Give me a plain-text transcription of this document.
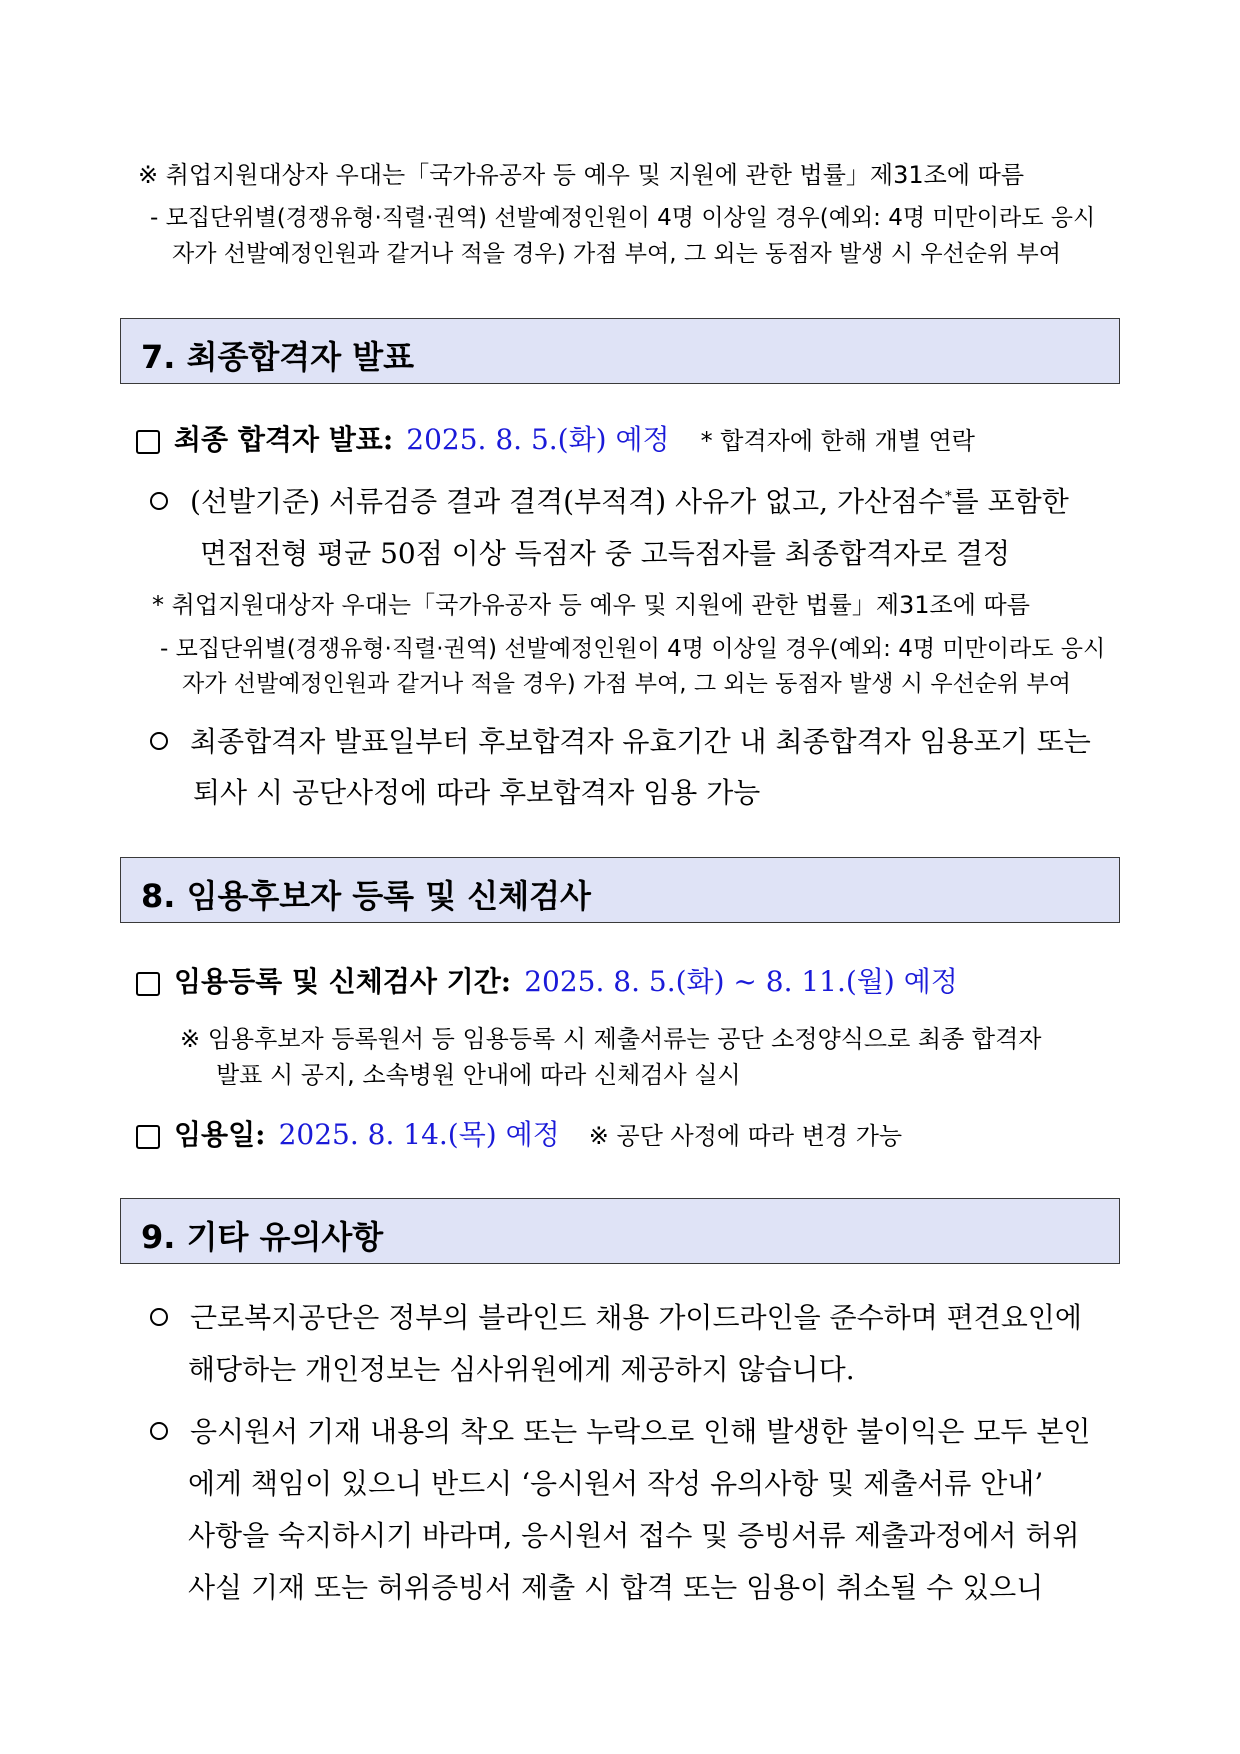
※ 취업지원대상자 우대는「국가유공자 등 예우 및 지원에 관한 법률」제31조에 따름
- 모집단위별(경쟁유형·직렬·권역) 선발예정인원이 4명 이상일 경우(예외: 4명 미만이라도 응시
자가 선발예정인원과 같거나 적을 경우) 가점 부여, 그 외는 동점자 발생 시 우선순위 부여
7. 최종합격자 발표
최종 합격자 발표: 2025. 8. 5.(화) 예정 * 합격자에 한해 개별 연락
(선발기준) 서류검증 결과 결격(부적격) 사유가 없고, 가산점수*를 포함한
면접전형 평균 50점 이상 득점자 중 고득점자를 최종합격자로 결정
* 취업지원대상자 우대는「국가유공자 등 예우 및 지원에 관한 법률」제31조에 따름
- 모집단위별(경쟁유형·직렬·권역) 선발예정인원이 4명 이상일 경우(예외: 4명 미만이라도 응시
자가 선발예정인원과 같거나 적을 경우) 가점 부여, 그 외는 동점자 발생 시 우선순위 부여
최종합격자 발표일부터 후보합격자 유효기간 내 최종합격자 임용포기 또는
퇴사 시 공단사정에 따라 후보합격자 임용 가능
8. 임용후보자 등록 및 신체검사
임용등록 및 신체검사 기간: 2025. 8. 5.(화) ~ 8. 11.(월) 예정
※ 임용후보자 등록원서 등 임용등록 시 제출서류는 공단 소정양식으로 최종 합격자
발표 시 공지, 소속병원 안내에 따라 신체검사 실시
임용일: 2025. 8. 14.(목) 예정 ※ 공단 사정에 따라 변경 가능
9. 기타 유의사항
근로복지공단은 정부의 블라인드 채용 가이드라인을 준수하며 편견요인에
해당하는 개인정보는 심사위원에게 제공하지 않습니다.
응시원서 기재 내용의 착오 또는 누락으로 인해 발생한 불이익은 모두 본인
에게 책임이 있으니 반드시 ‘응시원서 작성 유의사항 및 제출서류 안내’
사항을 숙지하시기 바라며, 응시원서 접수 및 증빙서류 제출과정에서 허위
사실 기재 또는 허위증빙서 제출 시 합격 또는 임용이 취소될 수 있으니
